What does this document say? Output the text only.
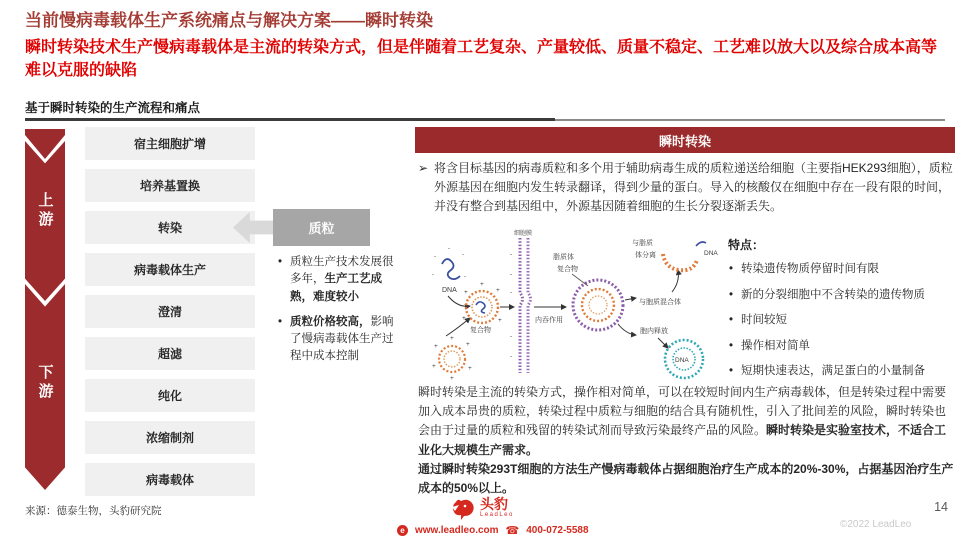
当前慢病毒载体生产系统痛点与解决方案——瞬时转染
瞬时转染技术生产慢病毒载体是主流的转染方式，但是伴随着工艺复杂、产量较低、质量不稳定、工艺难以放大以及综合成本高等难以克服的缺陷
基于瞬时转染的生产流程和痛点
上游
下游
宿主细胞扩增
培养基置换
转染
病毒载体生产
澄清
超滤
纯化
浓缩制剂
病毒载体
质粒
• 质粒生产技术发展很多年，生产工艺成熟，难度较小
• 质粒价格较高，影响了慢病毒载体生产过程中成本控制
来源：德泰生物，头豹研究院
瞬时转染
➢ 将含目标基因的病毒质粒和多个用于辅助病毒生成的质粒递送给细胞（主要指HEK293细胞），质粒外源基因在细胞内发生转录翻译，得到少量的蛋白。导入的核酸仅在细胞中存在一段有限的时间，并没有整合到基因组中，外源基因随着细胞的生长分裂逐渐丢失。
-	-
-	-
-
DNA +	+
+	+
+
复合物
+	+
+	+
+
+
细胞膜
-
-
-
-
-
内吞作用
脂质体
复合物
与胞质混合体
与脂质
体分离	DNA
胞内释放
DNA
特点：
• 转染遗传物质停留时间有限
• 新的分裂细胞中不含转染的遗传物质
• 时间较短
• 操作相对简单
• 短期快速表达，满足蛋白的小量制备
瞬时转染是主流的转染方式，操作相对简单，可以在较短时间内生产病毒载体，但是转染过程中需要加入成本昂贵的质粒，转染过程中质粒与细胞的结合具有随机性，引入了批间差的风险，瞬时转染也会由于过量的质粒和残留的转染试剂而导致污染最终产品的风险。瞬时转染是实验室技术，不适合工业化大规模生产需求。
通过瞬时转染293T细胞的方法生产慢病毒载体占据细胞治疗生产成本的20%-30%，占据基因治疗生产成本的50%以上。
头豹
LeadLeo
e	www.leadleo.com ☎ 400-072-5588
14
©2022 LeadLeo
